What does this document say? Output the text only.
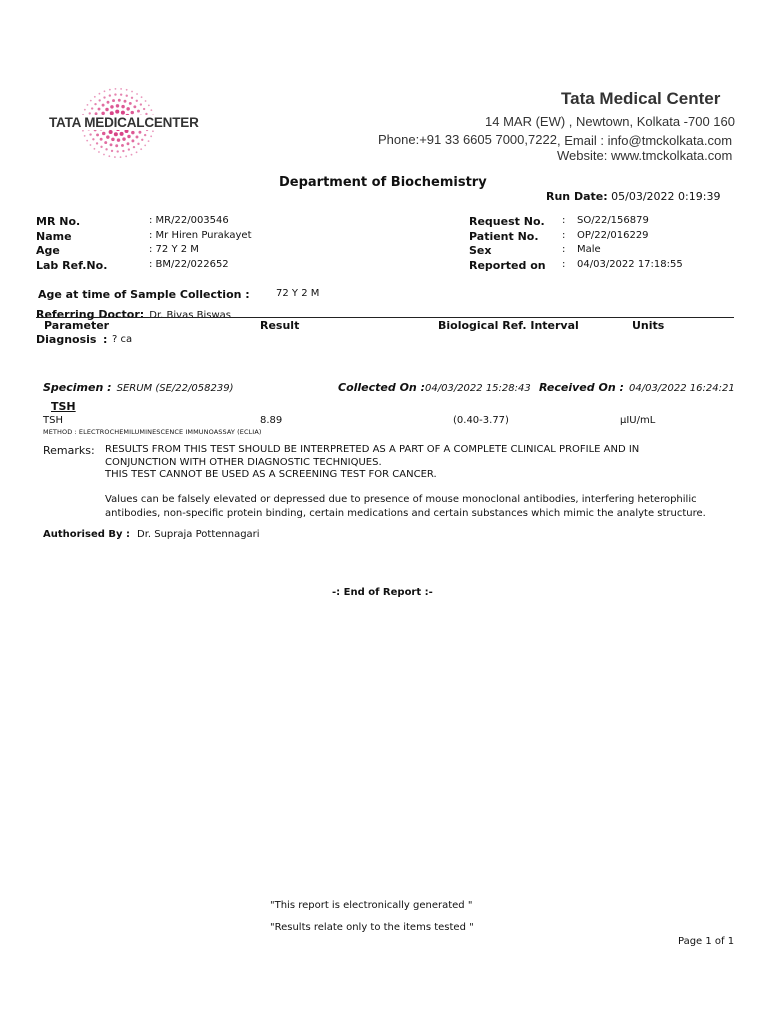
TATA MEDICALCENTER
Tata Medical Center
14 MAR (EW) , Newtown, Kolkata -700 160
Phone:+91 33 6605 7000,7222 , Email : info@tmckolkata.com
Website: www.tmckolkata.com
Department of Biochemistry
Run Date: 05/03/2022 0:19:39
MR No.	: MR/22/003546
Name	: Mr Hiren Purakayet
Age	: 72 Y 2 M
Lab Ref.No.	: BM/22/022652
Request No. : SO/22/156879
Patient No. : OP/22/016229
Sex	: Male
Reported on : 04/03/2022 17:18:55
Age at time of Sample Collection :	72 Y 2 M
Referring Doctor: Dr. Bivas Biswas
Parameter	Result	Biological Ref. Interval	Units
Diagnosis : ? ca
Specimen : SERUM (SE/22/058239)	Collected On :04/03/2022 15:28:43 Received On : 04/03/2022 16:24:21
TSH
TSH	8.89	(0.40-3.77)	µIU/mL
METHOD : ELECTROCHEMILUMINESCENCE IMMUNOASSAY (ECLIA)
Remarks: RESULTS FROM THIS TEST SHOULD BE INTERPRETED AS A PART OF A COMPLETE CLINICAL PROFILE AND IN
CONJUNCTION WITH OTHER DIAGNOSTIC TECHNIQUES.
THIS TEST CANNOT BE USED AS A SCREENING TEST FOR CANCER.
Values can be falsely elevated or depressed due to presence of mouse monoclonal antibodies, interfering heterophilic
antibodies, non-specific protein binding, certain medications and certain substances which mimic the analyte structure.
Authorised By : Dr. Supraja Pottennagari
-: End of Report :-
"This report is electronically generated "
"Results relate only to the items tested "
Page 1 of 1
